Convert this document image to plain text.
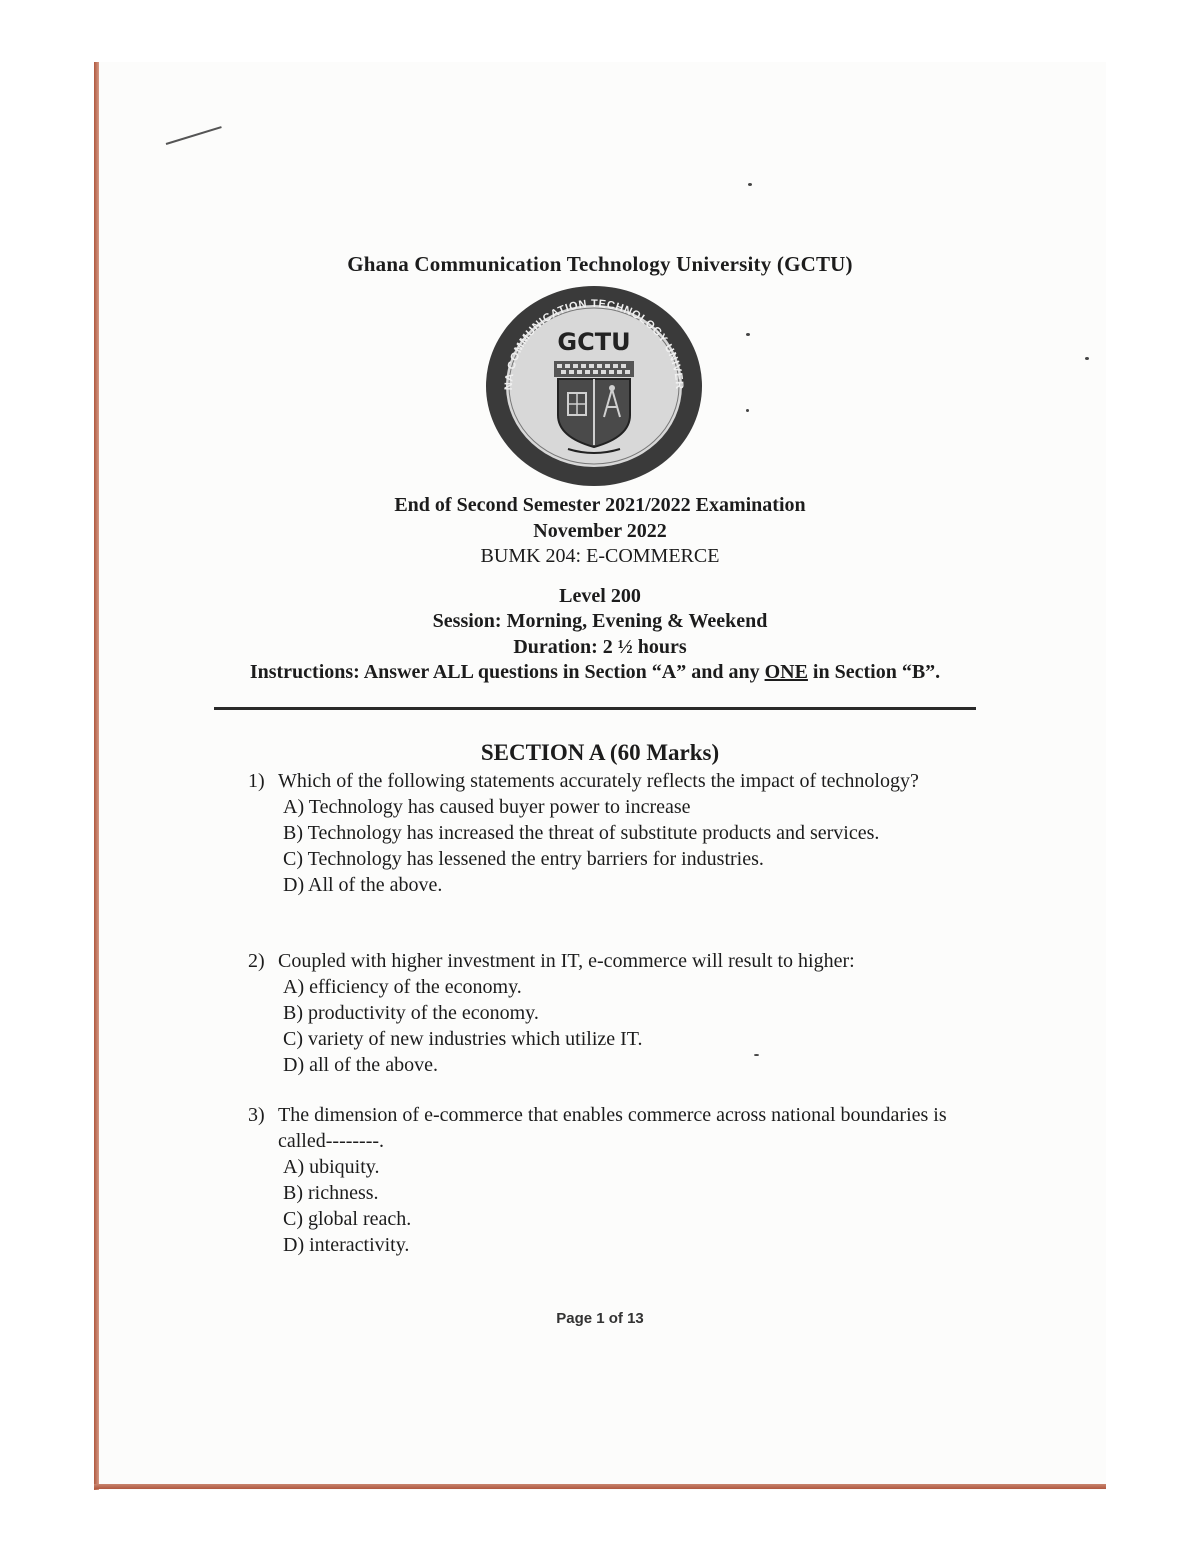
Ghana Communication Technology University (GCTU)
NA COMMUNICATION TECHNOLOGY UNIVER
GCTU
End of Second Semester 2021/2022 Examination
November 2022
BUMK 204: E-COMMERCE
Level 200
Session: Morning, Evening & Weekend
Duration: 2 ½ hours
Instructions: Answer ALL questions in Section “A” and any ONE in Section “B”.
SECTION A (60 Marks)
1) Which of the following statements accurately reflects the impact of technology?
A) Technology has caused buyer power to increase
B) Technology has increased the threat of substitute products and services.
C) Technology has lessened the entry barriers for industries.
D) All of the above.
2) Coupled with higher investment in IT, e-commerce will result to higher:
A) efficiency of the economy.
B) productivity of the economy.
C) variety of new industries which utilize IT.
D) all of the above.
3) The dimension of e-commerce that enables commerce across national boundaries is called--------.
A) ubiquity.
B) richness.
C) global reach.
D) interactivity.
Page 1 of 13
